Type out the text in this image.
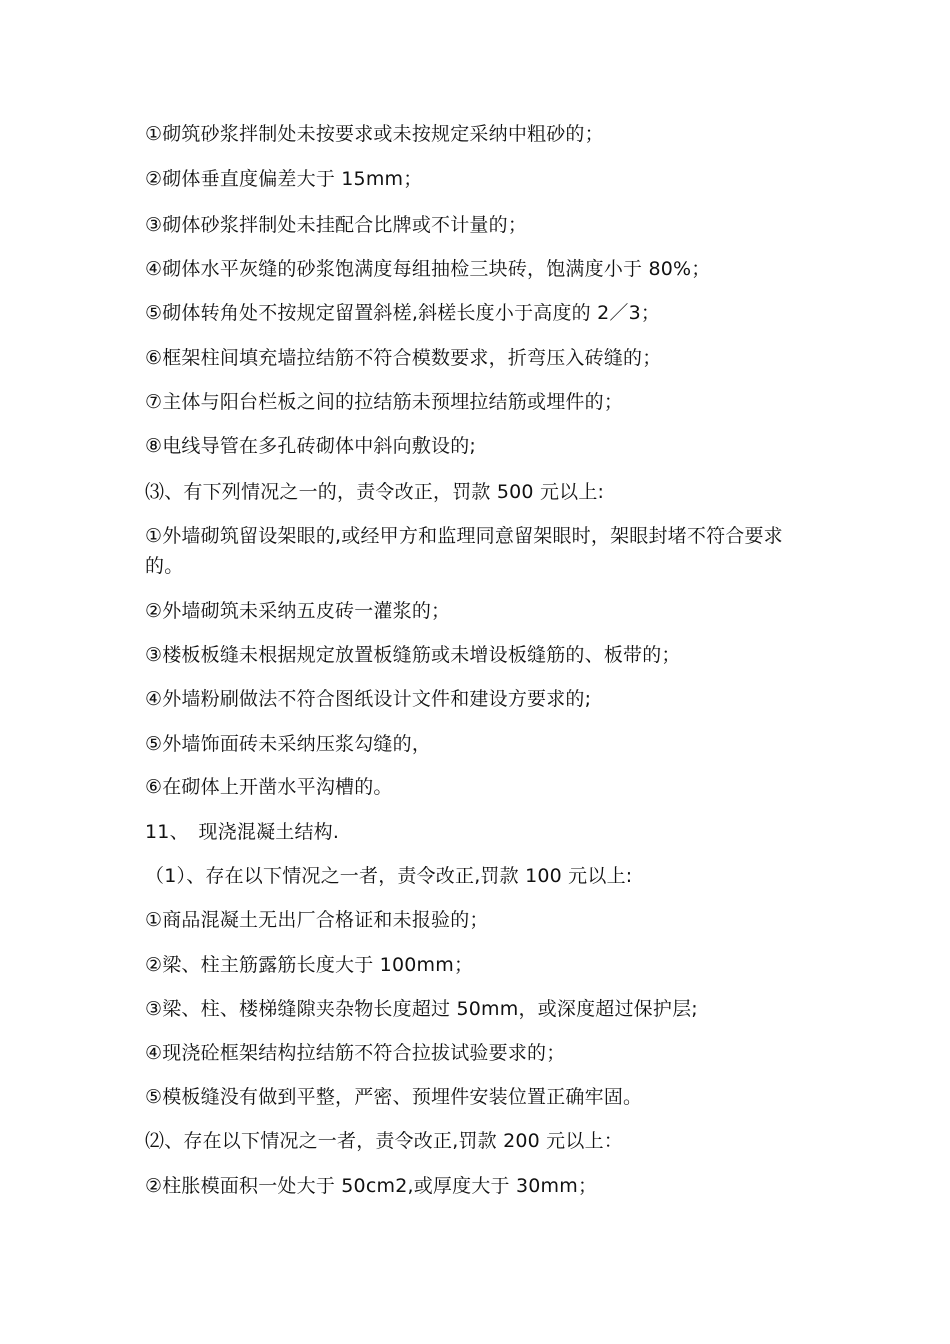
①砌筑砂浆拌制处未按要求或未按规定采纳中粗砂的；
②砌体垂直度偏差大于 15mm；
③砌体砂浆拌制处未挂配合比牌或不计量的；
④砌体水平灰缝的砂浆饱满度每组抽检三块砖，饱满度小于 80%；
⑤砌体转角处不按规定留置斜槎,斜槎长度小于高度的 2／3；
⑥框架柱间填充墙拉结筋不符合模数要求，折弯压入砖缝的；
⑦主体与阳台栏板之间的拉结筋未预埋拉结筋或埋件的；
⑧电线导管在多孔砖砌体中斜向敷设的;
⑶、有下列情况之一的，责令改正，罚款 500 元以上:
①外墙砌筑留设架眼的,或经甲方和监理同意留架眼时，架眼封堵不符合要求的。
②外墙砌筑未采纳五皮砖一灌浆的；
③楼板板缝未根据规定放置板缝筋或未增设板缝筋的、板带的；
④外墙粉刷做法不符合图纸设计文件和建设方要求的;
⑤外墙饰面砖未采纳压浆勾缝的，
⑥在砌体上开凿水平沟槽的。
11、　现浇混凝土结构.
（1）、存在以下情况之一者，责令改正,罚款 100 元以上:
①商品混凝土无出厂合格证和未报验的；
②梁、柱主筋露筋长度大于 100mm；
③梁、柱、楼梯缝隙夹杂物长度超过 50mm，或深度超过保护层;
④现浇砼框架结构拉结筋不符合拉拔试验要求的；
⑤模板缝没有做到平整，严密、预埋件安装位置正确牢固。
⑵、存在以下情况之一者，责令改正,罚款 200 元以上：
②柱胀模面积一处大于 50cm2,或厚度大于 30mm；
